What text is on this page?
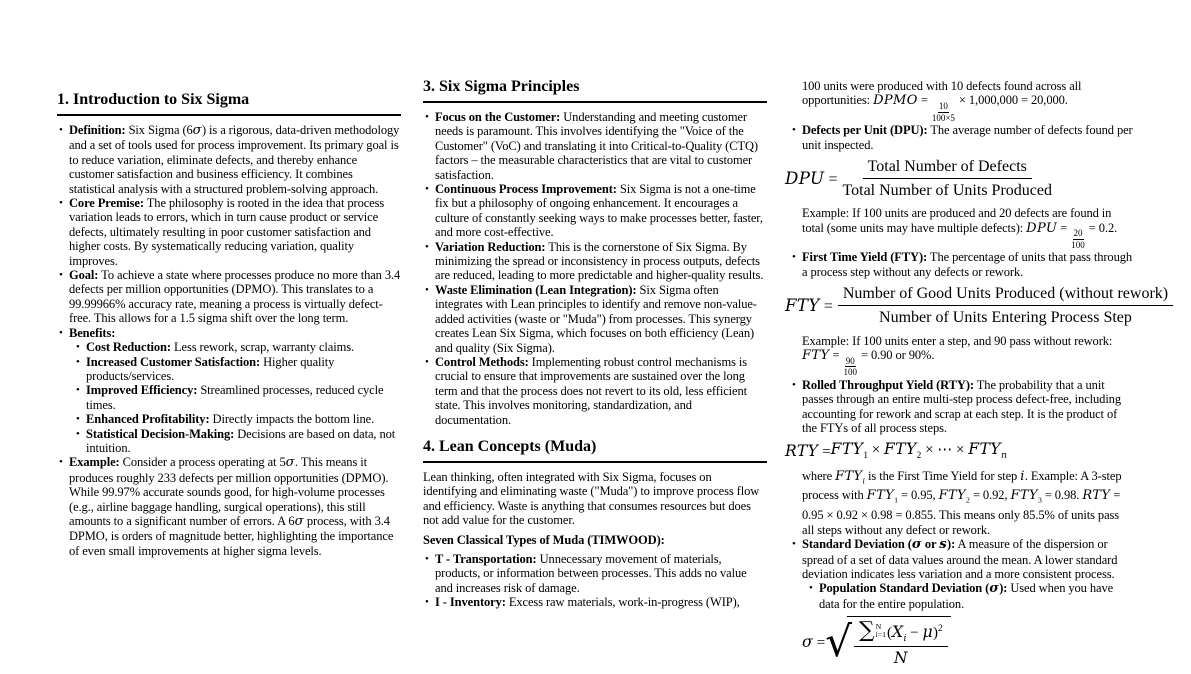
1. Introduction to Six Sigma
• Definition: Six Sigma (6σ) is a rigorous, data-driven methodology and a set of tools used for process improvement. Its primary goal is to reduce variation, eliminate defects, and thereby enhance customer satisfaction and business efficiency. It combines statistical analysis with a structured problem-solving approach.
• Core Premise: The philosophy is rooted in the idea that process variation leads to errors, which in turn cause product or service defects, ultimately resulting in poor customer satisfaction and higher costs. By systematically reducing variation, quality improves.
• Goal: To achieve a state where processes produce no more than 3.4 defects per million opportunities (DPMO). This translates to a 99.99966% accuracy rate, meaning a process is virtually defect-free. This allows for a 1.5 sigma shift over the long term.
• Benefits:
• Cost Reduction: Less rework, scrap, warranty claims.
• Increased Customer Satisfaction: Higher quality products/services.
• Improved Efficiency: Streamlined processes, reduced cycle times.
• Enhanced Profitability: Directly impacts the bottom line.
• Statistical Decision-Making: Decisions are based on data, not intuition.
• Example: Consider a process operating at 5σ. This means it produces roughly 233 defects per million opportunities (DPMO). While 99.97% accurate sounds good, for high-volume processes (e.g., airline baggage handling, surgical operations), this still amounts to a significant number of errors. A 6σ process, with 3.4 DPMO, is orders of magnitude better, highlighting the importance of even small improvements at higher sigma levels.
3. Six Sigma Principles
• Focus on the Customer: Understanding and meeting customer needs is paramount. This involves identifying the "Voice of the Customer" (VoC) and translating it into Critical-to-Quality (CTQ) factors – the measurable characteristics that are vital to customer satisfaction.
• Continuous Process Improvement: Six Sigma is not a one-time fix but a philosophy of ongoing enhancement. It encourages a culture of constantly seeking ways to make processes better, faster, and more cost-effective.
• Variation Reduction: This is the cornerstone of Six Sigma. By minimizing the spread or inconsistency in process outputs, defects are reduced, leading to more predictable and higher-quality results.
• Waste Elimination (Lean Integration): Six Sigma often integrates with Lean principles to identify and remove non-value-added activities (waste or "Muda") from processes. This synergy creates Lean Six Sigma, which focuses on both efficiency (Lean) and quality (Six Sigma).
• Control Methods: Implementing robust control mechanisms is crucial to ensure that improvements are sustained over the long term and that the process does not revert to its old, less efficient state. This involves monitoring, standardization, and documentation.
4. Lean Concepts (Muda)

Lean thinking, often integrated with Six Sigma, focuses on identifying and eliminating waste ("Muda") to improve process flow and efficiency. Waste is anything that consumes resources but does not add value for the customer.

Seven Classical Types of Muda (TIMWOOD):

• T - Transportation: Unnecessary movement of materials, products, or information between processes. This adds no value and increases risk of damage.
• I - Inventory: Excess raw materials, work-in-progress (WIP),

100 units were produced with 10 defects found across all opportunities: DPMO =
$\frac{10}{100\times 5}$
× 1,000,000 = 20,000.

• Defects per Unit (DPU): The average number of defects found per unit inspected.
DPU =
Total Number of Defects
Total Number of Units Produced

Example: If 100 units are produced and 20 defects are found in total (some units may have multiple defects): DPU =
$\frac{20}{100}$
= 0.2.

• First Time Yield (FTY): The percentage of units that pass through a process step without any defects or rework.
FTY =
Number of Good Units Produced (without rework)
Number of Units Entering Process Step

Example: If 100 units enter a step, and 90 pass without rework: FTY =
$\frac{90}{100}$
= 0.90 or 90%.

• Rolled Throughput Yield (RTY): The probability that a unit passes through an entire multi-step process defect-free, including accounting for rework and scrap at each step. It is the product of the FTYs of all process steps.
RTY = $FTY_1 \times FTY_2$ × ⋯ × $FTY_n$

where $FTY_i$ is the First Time Yield for step i. Example: A 3-step process with $FTY_1 = 0.95$, $FTY_2 = 0.92$, $FTY_3 = 0.98$. RTY = 0.95 × 0.92 × 0.98 = 0.855. This means only 85.5% of units pass all steps without any defect or rework.

• Standard Deviation (σ or s): A measure of the dispersion or spread of a set of data values around the mean. A lower standard deviation indicates less variation and a more consistent process.
• Population Standard Deviation (σ): Used when you have data for the entire population.
σ = √ ∑ N
i=1 $(X_i - \mu)^2$
N
